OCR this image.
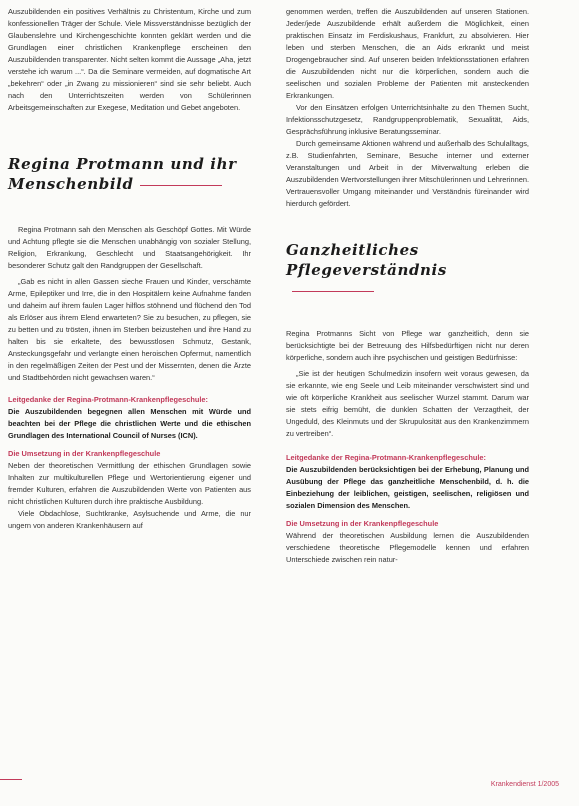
Auszubildenden ein positives Verhältnis zu Christentum, Kirche und zum konfessionellen Träger der Schule. Viele Missverständnisse bezüglich der Glaubenslehre und Kirchengeschichte konnten geklärt werden und die Grundlagen einer christlichen Krankenpflege erscheinen den Auszubildenden transparenter. Nicht selten kommt die Aussage „Aha, jetzt verstehe ich warum ...“. Da die Seminare vermeiden, auf dogmatische Art „bekehren“ oder „in Zwang zu missionieren“ sind sie sehr beliebt. Auch nach den Unterrichtszeiten werden von Schülerinnen Arbeitsgemeinschaften zur Exegese, Meditation und Gebet angeboten.

Regina Protmann und ihr Menschenbild

Regina Protmann sah den Menschen als Geschöpf Gottes. Mit Würde und Achtung pflegte sie die Menschen unabhängig von sozialer Stellung, Religion, Erkrankung, Geschlecht und Staatsangehörigkeit. Ihr besonderer Schutz galt den Randgruppen der Gesellschaft.

„Gab es nicht in allen Gassen sieche Frauen und Kinder, verschämte Arme, Epileptiker und Irre, die in den Hospitälern keine Aufnahme fanden und daheim auf ihrem faulen Lager hilflos stöhnend und flüchend den Tod als Erlöser aus ihrem Elend erwarteten? Sie zu besuchen, zu pflegen, sie zu betten und zu trösten, ihnen im Sterben beizustehen und ihre Hand zu halten bis sie erkaltete, des bewusstlosen Schmutz, Gestank, Ansteckungsgefahr und verlangte einen heroischen Opfermut, namentlich in den regelmäßigen Zeiten der Pest und der Missernten, denen die Ärzte und Stadtbehörden nicht gewachsen waren.“

Leitgedanke der Regina-Protmann-Krankenpflegeschule:
Die Auszubildenden begegnen allen Menschen mit Würde und beachten bei der Pflege die christlichen Werte und die ethischen Grundlagen des International Council of Nurses (ICN).
Die Umsetzung in der Krankenpflegeschule

Neben der theoretischen Vermittlung der ethischen Grundlagen sowie Inhalten zur multikulturellen Pflege und Wertorientierung eigener und fremder Kulturen, erfahren die Auszubildenden Werte von Patienten aus nicht christlichen Kulturen durch ihre praktische Ausbildung.

Viele Obdachlose, Suchtkranke, Asylsuchende und Arme, die nur ungern von anderen Krankenhäusern auf

genommen werden, treffen die Auszubildenden auf unseren Stationen. Jeder/jede Auszubildende erhält außerdem die Möglichkeit, einen praktischen Einsatz im Ferdiskushaus, Frankfurt, zu absolvieren. Hier leben und sterben Menschen, die an Aids erkrankt und meist Drogengebraucher sind. Auf unseren beiden Infektionsstationen erfahren die Auszubildenden nicht nur die körperlichen, sondern auch die seelischen und sozialen Probleme der Patienten mit ansteckenden Erkrankungen.

Vor den Einsätzen erfolgen Unterrichtsinhalte zu den Themen Sucht, Infektionsschutzgesetz, Randgruppenproblematik, Sexualität, Aids, Gesprächsführung inklusive Beratungsseminar.

Durch gemeinsame Aktionen während und außerhalb des Schulalltags, z.B. Studienfahrten, Seminare, Besuche interner und externer Veranstaltungen und Arbeit in der Mitverwaltung erleben die Auszubildenden Wertvorstellungen ihrer Mitschülerinnen und Lehrerinnen. Vertrauensvoller Umgang miteinander und Verständnis füreinander wird hierdurch gefördert.

Ganzheitliches Pflegeverständnis

Regina Protmanns Sicht von Pflege war ganzheitlich, denn sie berücksichtigte bei der Betreuung des Hilfsbedürftigen nicht nur deren körperliche, sondern auch ihre psychischen und geistigen Bedürfnisse:

„Sie ist der heutigen Schulmedizin insofern weit voraus gewesen, da sie erkannte, wie eng Seele und Leib miteinander verschwistert sind und wie oft körperliche Krankheit aus seelischer Wurzel stammt. Darum war sie stets eifrig bemüht, die dunklen Schatten der Verzagtheit, der Ungeduld, des Kleinmuts und der Skrupulosität aus den Krankenzimmern zu vertreiben“.

Leitgedanke der Regina-Protmann-Krankenpflegeschule:
Die Auszubildenden berücksichtigen bei der Erhebung, Planung und Ausübung der Pflege das ganzheitliche Menschenbild, d. h. die Einbeziehung der leiblichen, geistigen, seelischen, religiösen und sozialen Dimension des Menschen.
Die Umsetzung in der Krankenpflegeschule

Während der theoretischen Ausbildung lernen die Auszubildenden verschiedene theoretische Pflegemodelle kennen und erfahren Unterschiede zwischen rein natur-

Krankendienst 1/2005
